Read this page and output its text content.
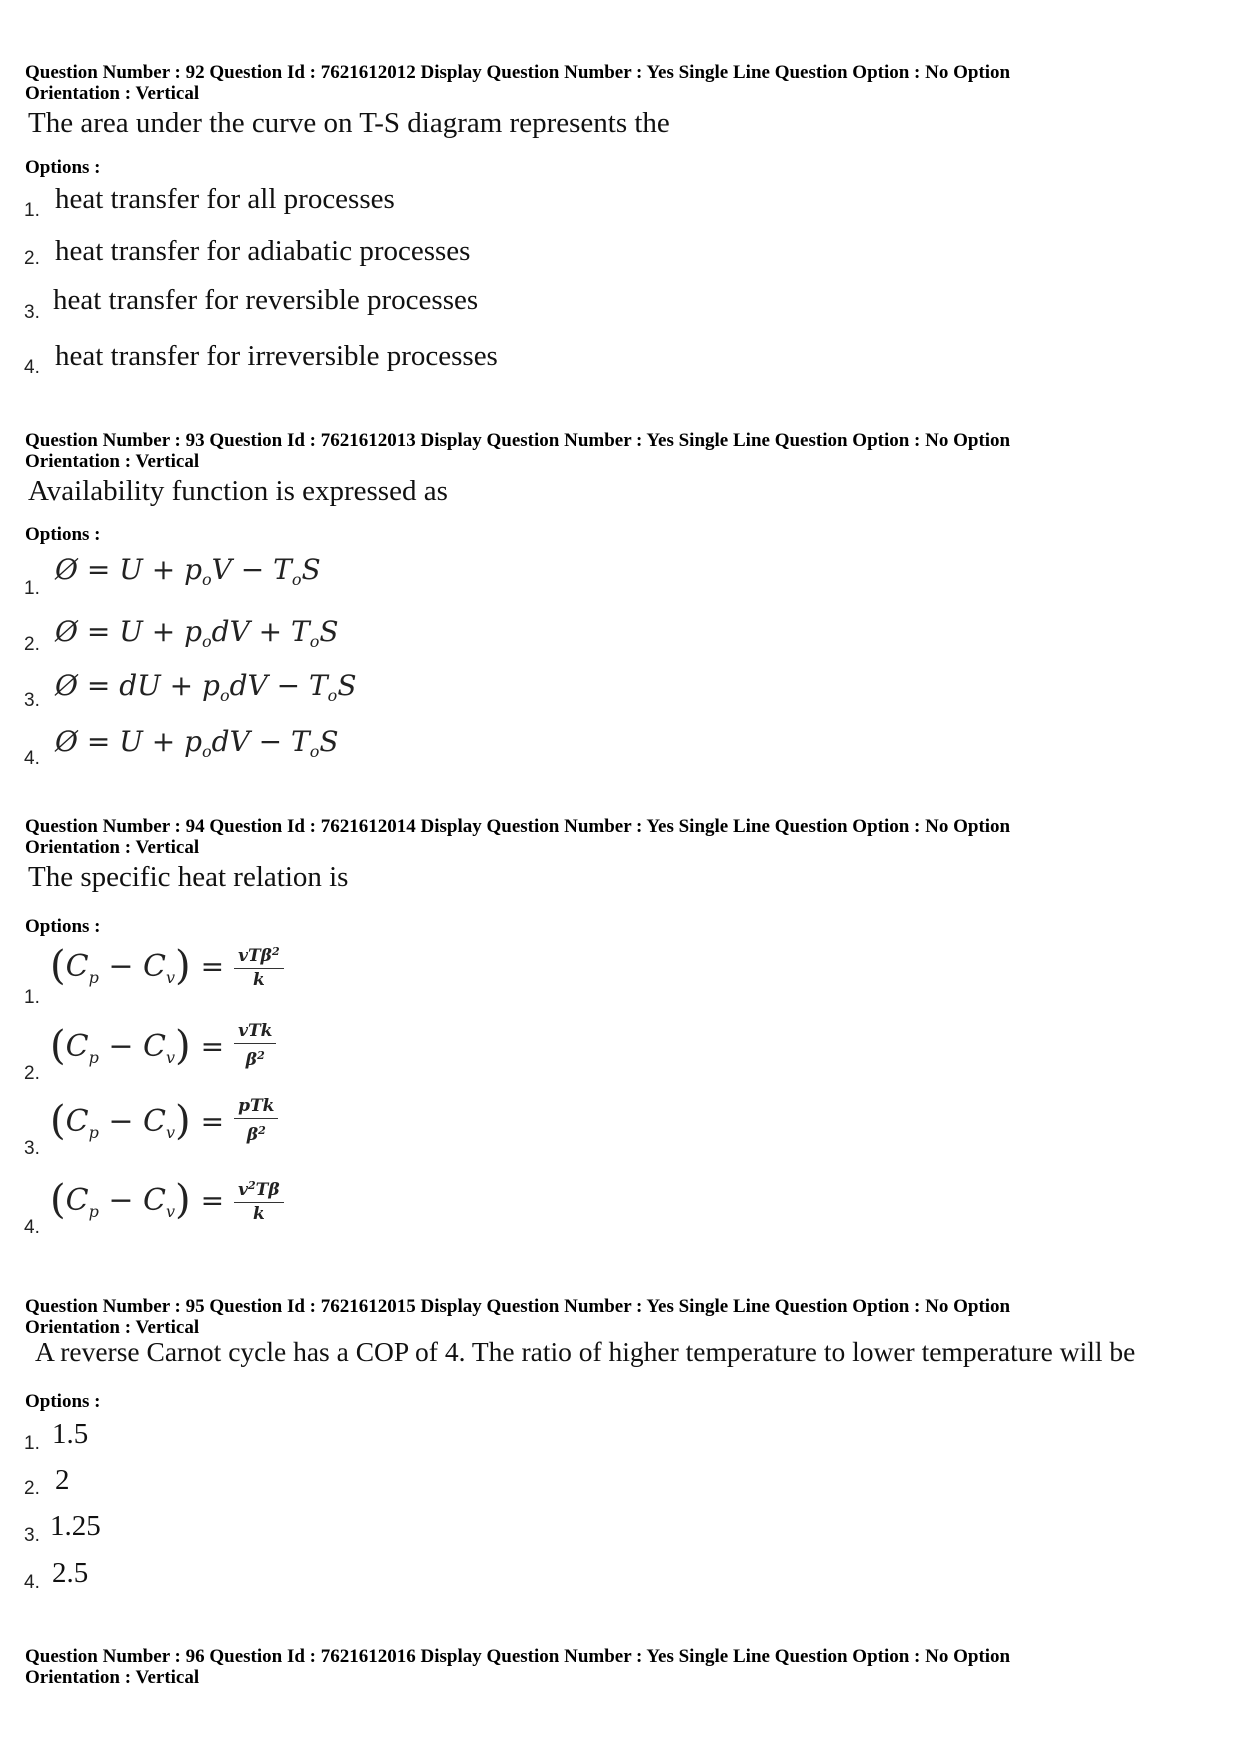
Question Number : 92 Question Id : 7621612012 Display Question Number : Yes Single Line Question Option : No Option
Orientation : Vertical
The area under the curve on T-S diagram represents the
Options :
1. heat transfer for all processes
2. heat transfer for adiabatic processes
3. heat transfer for reversible processes
4. heat transfer for irreversible processes
Question Number : 93 Question Id : 7621612013 Display Question Number : Yes Single Line Question Option : No Option
Orientation : Vertical
Availability function is expressed as
Options :
1.
Ø = $U + p_oV - T_oS$
2. Ø = $U + p_odV + T_oS$
3. Ø = dU + $p_odV - T_oS$
4.
Ø = $U + p_odV - T_oS$
Question Number : 94 Question Id : 7621612014 Display Question Number : Yes Single Line Question Option : No Option
Orientation : Vertical
The specific heat relation is
Options :
1.
$(C_p - C_v) = \frac{vT\beta^2}{k}$
2.
$(C_p - C_v) = \frac{\text{vTk}}{\beta^2}$
3.
$(C_p - C_v) = \frac{\text{pTk}}{\beta^2}$
4.
$(C_p - C_v) = \frac{v^2T\beta}{k}$
Question Number : 95 Question Id : 7621612015 Display Question Number : Yes Single Line Question Option : No Option
Orientation : Vertical
A reverse Carnot cycle has a COP of 4. The ratio of higher temperature to lower temperature will be
Options :
1. 1.5
2. 2
3. 1.25
4. 2.5
Question Number : 96 Question Id : 7621612016 Display Question Number : Yes Single Line Question Option : No Option
Orientation : Vertical
